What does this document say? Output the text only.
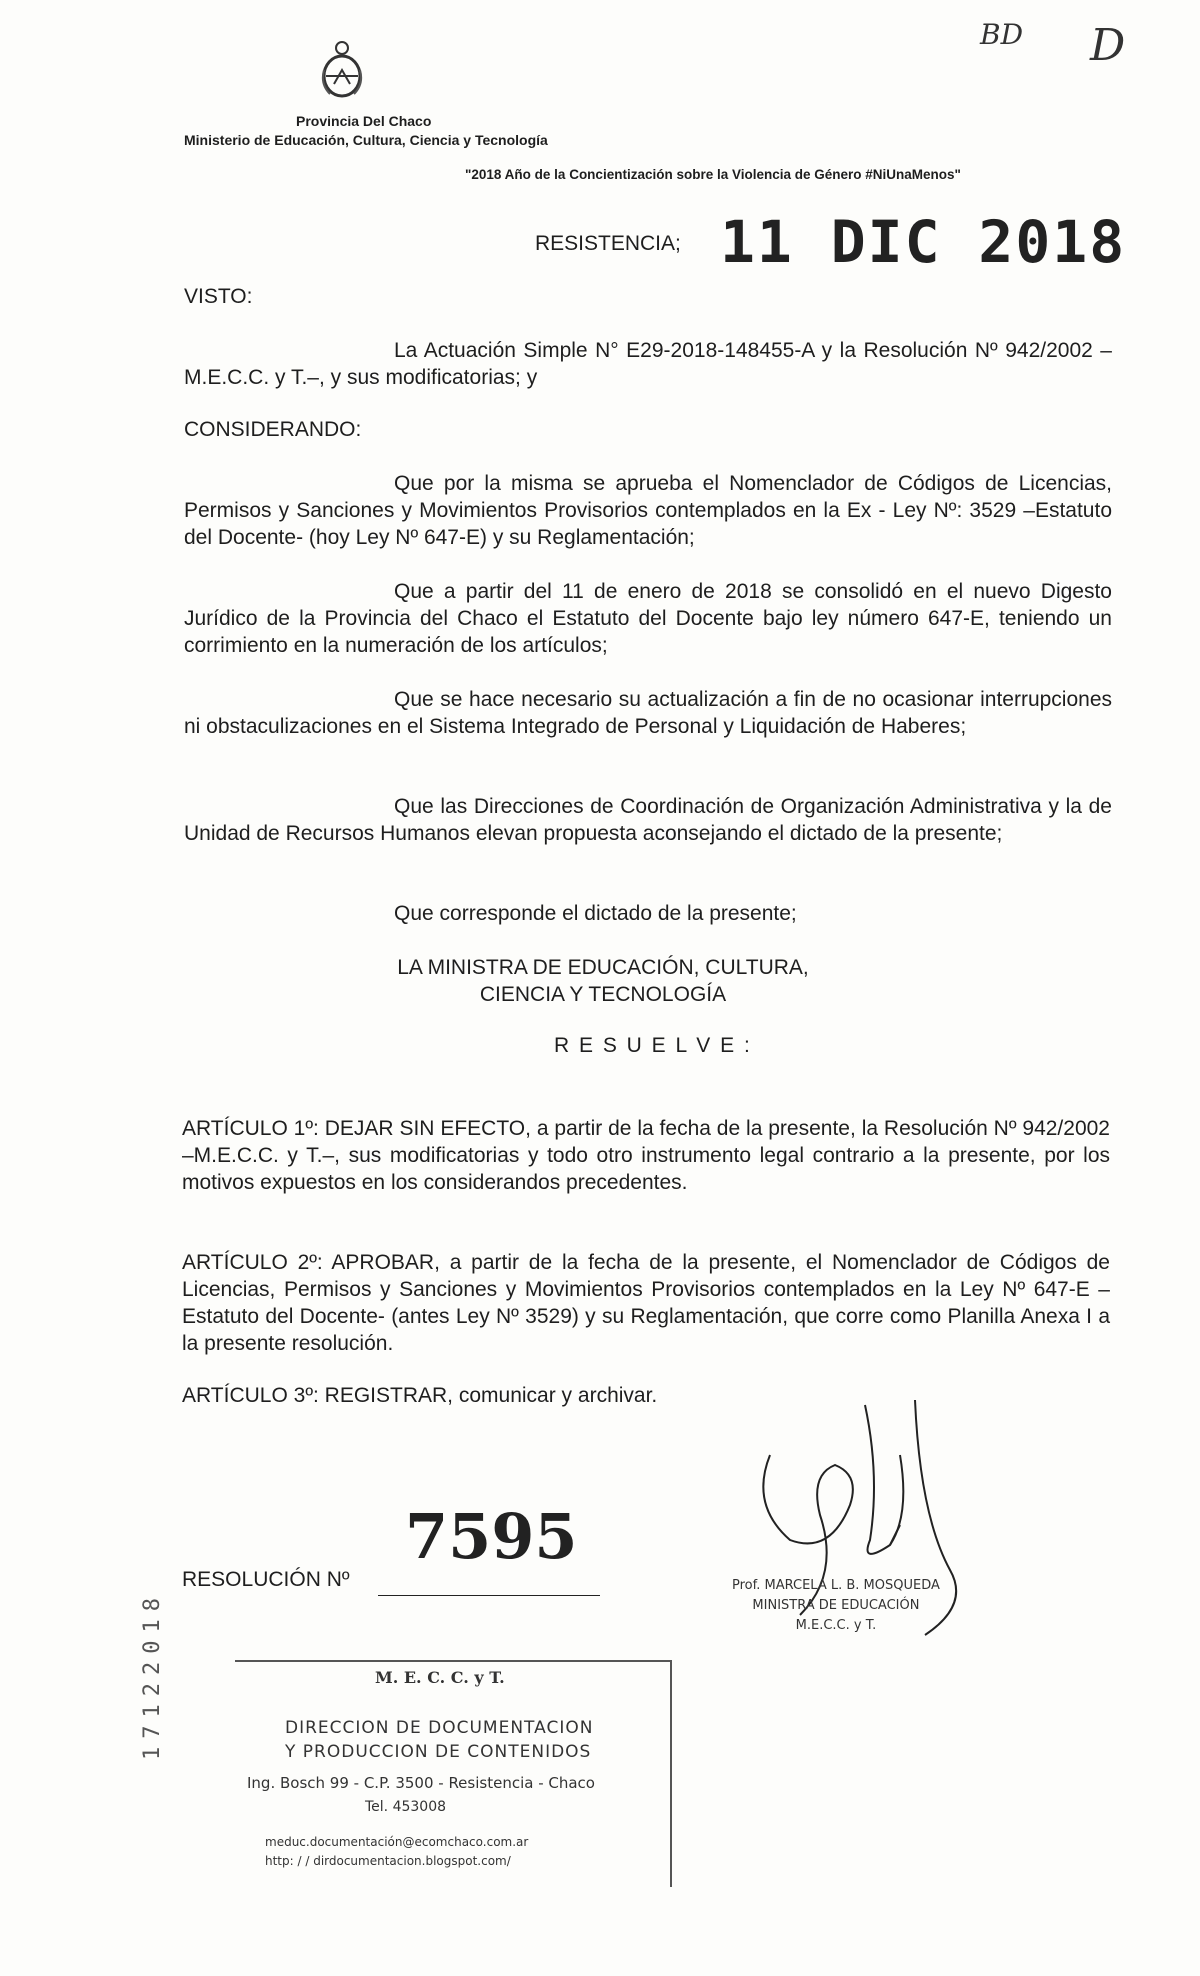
BD D
Provincia Del Chaco
Ministerio de Educación, Cultura, Ciencia y Tecnología
"2018 Año de la Concientización sobre la Violencia de Género #NiUnaMenos"
RESISTENCIA; 11 DIC 2018
VISTO:
La Actuación Simple N° E29-2018-148455-A y la Resolución Nº 942/2002 –M.E.C.C. y T.–, y sus modificatorias; y
CONSIDERANDO:
Que por la misma se aprueba el Nomenclador de Códigos de Licencias, Permisos y Sanciones y Movimientos Provisorios contemplados en la Ex - Ley Nº: 3529 –Estatuto del Docente- (hoy Ley Nº 647-E) y su Reglamentación;
Que a partir del 11 de enero de 2018 se consolidó en el nuevo Digesto Jurídico de la Provincia del Chaco el Estatuto del Docente bajo ley número 647-E, teniendo un corrimiento en la numeración de los artículos;
Que se hace necesario su actualización a fin de no ocasionar interrupciones ni obstaculizaciones en el Sistema Integrado de Personal y Liquidación de Haberes;
Que las Direcciones de Coordinación de Organización Administrativa y la de Unidad de Recursos Humanos elevan propuesta aconsejando el dictado de la presente;
Que corresponde el dictado de la presente;
LA MINISTRA DE EDUCACIÓN, CULTURA,
CIENCIA Y TECNOLOGÍA
R E S U E L V E :
ARTÍCULO 1º: DEJAR SIN EFECTO, a partir de la fecha de la presente, la Resolución Nº 942/2002 –M.E.C.C. y T.–, sus modificatorias y todo otro instrumento legal contrario a la presente, por los motivos expuestos en los considerandos precedentes.
ARTÍCULO 2º: APROBAR, a partir de la fecha de la presente, el Nomenclador de Códigos de Licencias, Permisos y Sanciones y Movimientos Provisorios contemplados en la Ley Nº 647-E –Estatuto del Docente- (antes Ley Nº 3529) y su Reglamentación, que corre como Planilla Anexa I a la presente resolución.
ARTÍCULO 3º: REGISTRAR, comunicar y archivar.
RESOLUCIÓN Nº
7595
Prof. MARCELA L. B. MOSQUEDA
MINISTRA DE EDUCACIÓN
M.E.C.C. y T.
17122018	M. E. C. C. y T.
DIRECCION DE DOCUMENTACION
Y PRODUCCION DE CONTENIDOS
Ing. Bosch 99 - C.P. 3500 - Resistencia - Chaco
Tel. 453008
meduc.documentación@ecomchaco.com.ar
http: / / dirdocumentacion.blogspot.com/
